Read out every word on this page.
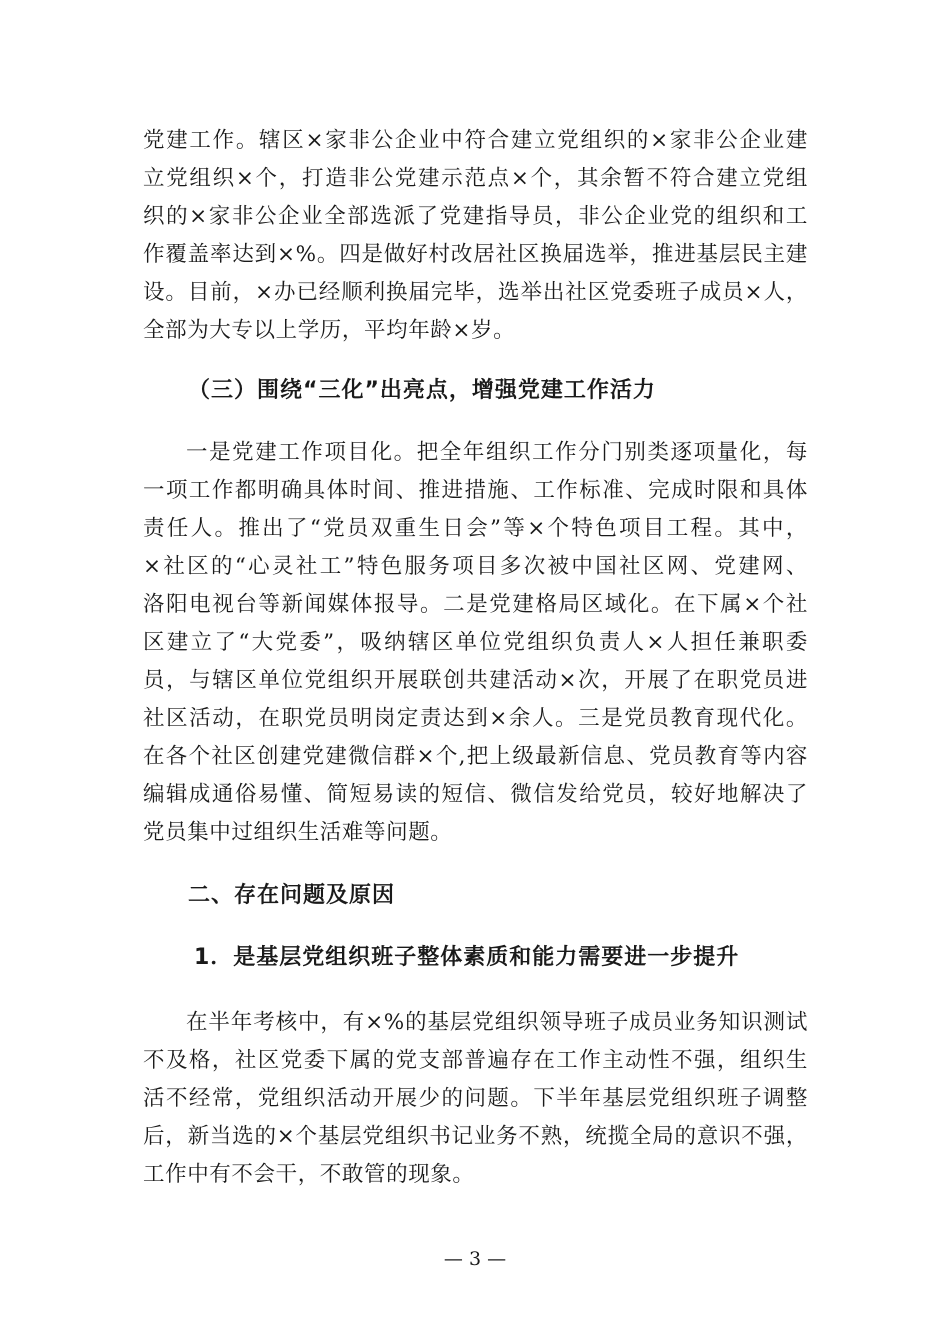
党建工作。辖区×家非公企业中符合建立党组织的×家非公企业建
立党组织×个，打造非公党建示范点×个，其余暂不符合建立党组
织的×家非公企业全部选派了党建指导员，非公企业党的组织和工
作覆盖率达到×%。四是做好村改居社区换届选举，推进基层民主建
设。目前，×办已经顺利换届完毕，选举出社区党委班子成员×人，
全部为大专以上学历，平均年龄×岁。
（三）围绕“三化”出亮点，增强党建工作活力
一是党建工作项目化。把全年组织工作分门别类逐项量化，每
一项工作都明确具体时间、推进措施、工作标准、完成时限和具体
责任人。推出了“党员双重生日会”等×个特色项目工程。其中，
×社区的“心灵社工”特色服务项目多次被中国社区网、党建网、
洛阳电视台等新闻媒体报导。二是党建格局区域化。在下属×个社
区建立了“大党委”，吸纳辖区单位党组织负责人×人担任兼职委
员，与辖区单位党组织开展联创共建活动×次，开展了在职党员进
社区活动，在职党员明岗定责达到×余人。三是党员教育现代化。
在各个社区创建党建微信群×个,把上级最新信息、党员教育等内容
编辑成通俗易懂、简短易读的短信、微信发给党员，较好地解决了
党员集中过组织生活难等问题。
二、存在问题及原因
1．是基层党组织班子整体素质和能力需要进一步提升
在半年考核中，有×%的基层党组织领导班子成员业务知识测试
不及格，社区党委下属的党支部普遍存在工作主动性不强，组织生
活不经常，党组织活动开展少的问题。下半年基层党组织班子调整
后，新当选的×个基层党组织书记业务不熟，统揽全局的意识不强，
工作中有不会干，不敢管的现象。
— 3 —
